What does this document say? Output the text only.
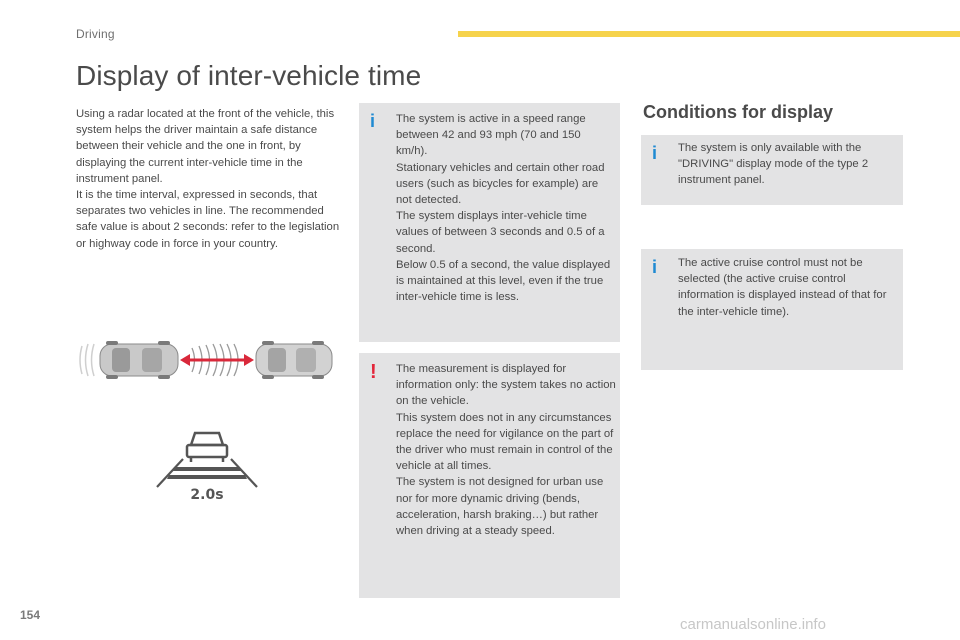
Driving
Display of inter-vehicle time

Using a radar located at the front of the vehicle, this system helps the driver maintain a safe distance between their vehicle and the one in front, by displaying the current inter-vehicle time in the instrument panel.
It is the time interval, expressed in seconds, that separates two vehicles in line. The recommended safe value is about 2 seconds: refer to the legislation or highway code in force in your country.

i The system is active in a speed range between 42 and 93 mph (70 and 150 km/h).
Stationary vehicles and certain other road users (such as bicycles for example) are not detected.
The system displays inter-vehicle time values of between 3 seconds and 0.5 of a second.
Below 0.5 of a second, the value displayed is maintained at this level, even if the true inter-vehicle time is less.

! The measurement is displayed for information only: the system takes no action on the vehicle.
This system does not in any circumstances replace the need for vigilance on the part of the driver who must remain in control of the vehicle at all times.
The system is not designed for urban use nor for more dynamic driving (bends, acceleration, harsh braking…) but rather when driving at a steady speed.

Conditions for display
i The system is only available with the "DRIVING" display mode of the type 2 instrument panel.

i The active cruise control must not be selected (the active cruise control information is displayed instead of that for the inter-vehicle time).

2.0s
154
carmanualsonline.info
